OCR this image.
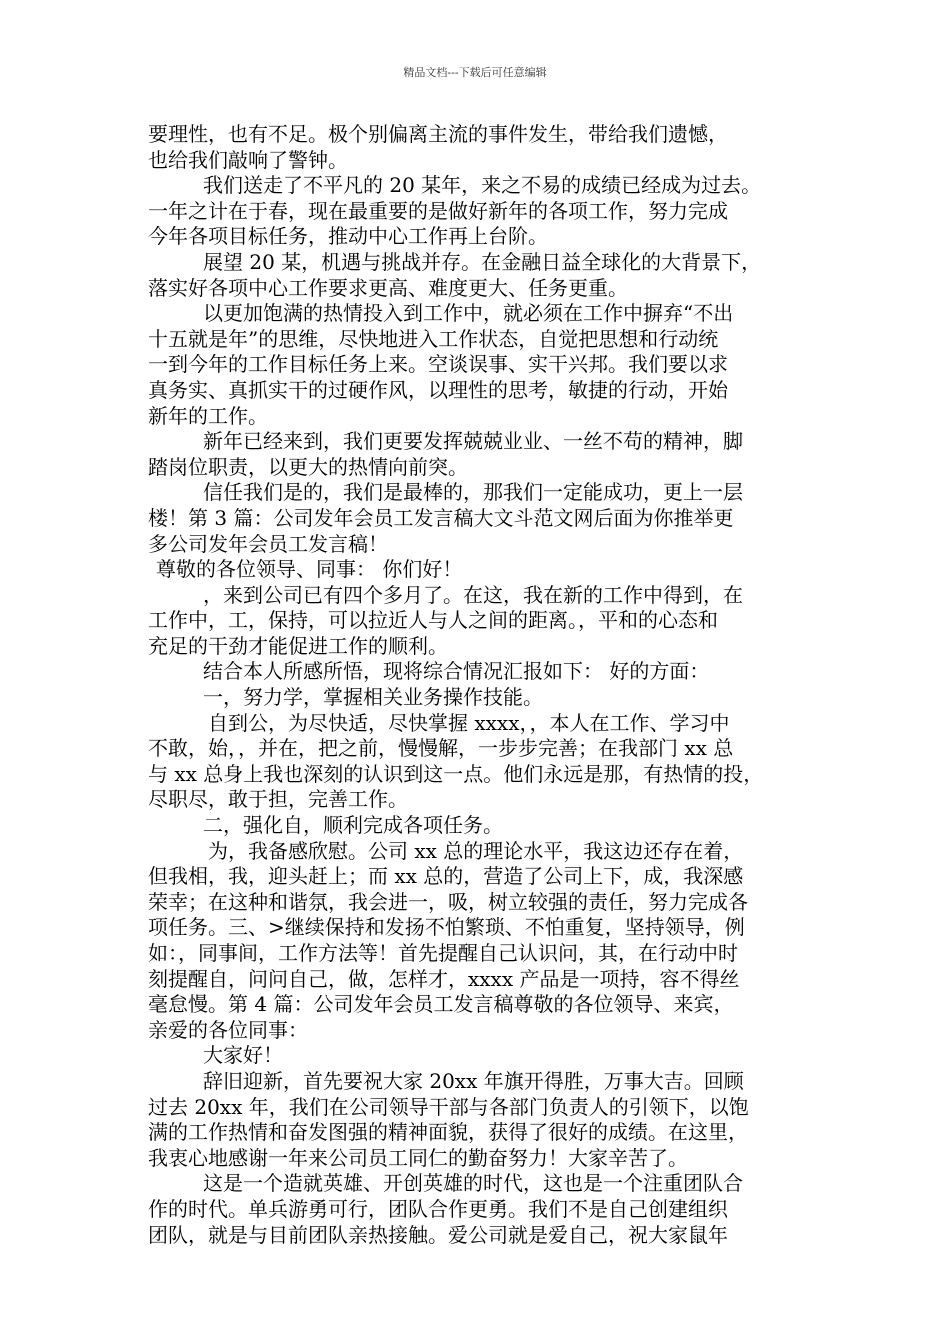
精品文档---下载后可任意编辑
要理性，也有不足。极个别偏离主流的事件发生，带给我们遗憾，
也给我们敲响了警钟。
我们送走了不平凡的 20 某年，来之不易的成绩已经成为过去。
一年之计在于春，现在最重要的是做好新年的各项工作，努力完成
今年各项目标任务，推动中心工作再上台阶。
展望 20 某，机遇与挑战并存。在金融日益全球化的大背景下，
落实好各项中心工作要求更高、难度更大、任务更重。
以更加饱满的热情投入到工作中，就必须在工作中摒弃“不出
十五就是年”的思维，尽快地进入工作状态，自觉把思想和行动统
一到今年的工作目标任务上来。空谈误事、实干兴邦。我们要以求
真务实、真抓实干的过硬作风，以理性的思考，敏捷的行动，开始
新年的工作。
新年已经来到，我们更要发挥兢兢业业、一丝不苟的精神，脚
踏岗位职责，以更大的热情向前突。
信任我们是的，我们是最棒的，那我们一定能成功，更上一层
楼！第 3 篇：公司发年会员工发言稿大文斗范文网后面为你推举更
多公司发年会员工发言稿！
尊敬的各位领导、同事： 你们好！
，来到公司已有四个多月了。在这，我在新的工作中得到，在
工作中，工，保持，可以拉近人与人之间的距离。，平和的心态和
充足的干劲才能促进工作的顺利。
结合本人所感所悟，现将综合情况汇报如下： 好的方面：
一，努力学，掌握相关业务操作技能。
自到公，为尽快适，尽快掌握 xxxx，，本人在工作、学习中
不敢，始，，并在，把之前，慢慢解，一步步完善；在我部门 xx 总
与 xx 总身上我也深刻的认识到这一点。他们永远是那，有热情的投，
尽职尽，敢于担，完善工作。
二，强化自，顺利完成各项任务。
为，我备感欣慰。公司 xx 总的理论水平，我这边还存在着，
但我相，我，迎头赶上；而 xx 总的，营造了公司上下，成，我深感
荣幸；在这种和谐氛，我会进一，吸，树立较强的责任，努力完成各
项任务。三、>继续保持和发扬不怕繁琐、不怕重复，坚持领导，例
如：，同事间，工作方法等！首先提醒自己认识问，其，在行动中时
刻提醒自，问问自己，做，怎样才，xxxx 产品是一项持，容不得丝
毫怠慢。第 4 篇：公司发年会员工发言稿尊敬的各位领导、来宾，
亲爱的各位同事：
大家好！
辞旧迎新，首先要祝大家 20xx 年旗开得胜，万事大吉。回顾
过去 20xx 年，我们在公司领导干部与各部门负责人的引领下，以饱
满的工作热情和奋发图强的精神面貌，获得了很好的成绩。在这里，
我衷心地感谢一年来公司员工同仁的勤奋努力！大家辛苦了。
这是一个造就英雄、开创英雄的时代，这也是一个注重团队合
作的时代。单兵游勇可行，团队合作更勇。我们不是自己创建组织
团队，就是与目前团队亲热接触。爱公司就是爱自己，祝大家鼠年
